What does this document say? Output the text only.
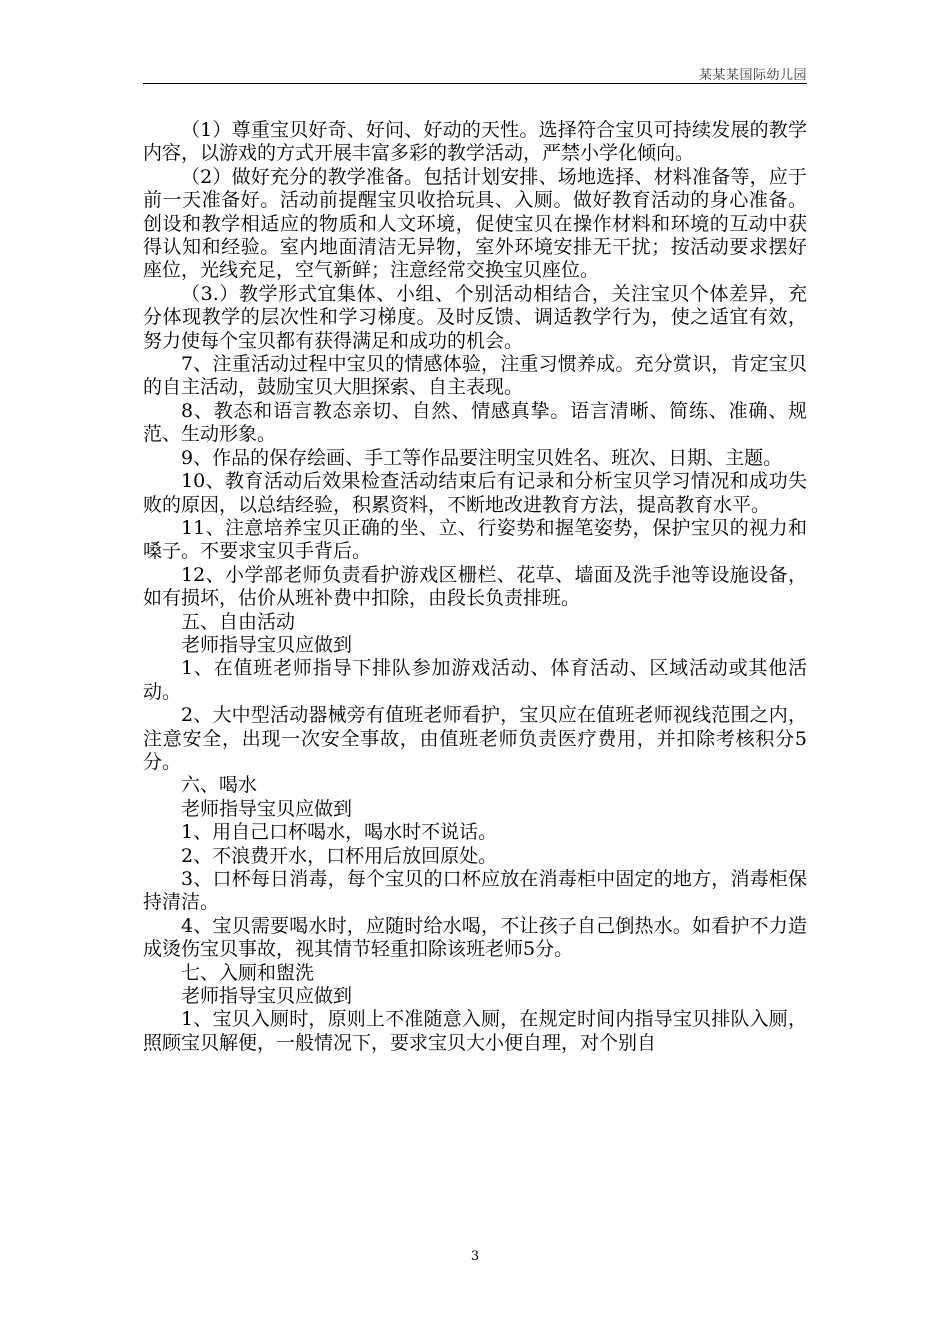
某某某国际幼儿园

（1）尊重宝贝好奇、好问、好动的天性。选择符合宝贝可持续发展的教学内容，以游戏的方式开展丰富多彩的教学活动，严禁小学化倾向。

（2）做好充分的教学准备。包括计划安排、场地选择、材料准备等，应于前一天准备好。活动前提醒宝贝收拾玩具、入厕。做好教育活动的身心准备。创设和教学相适应的物质和人文环境，促使宝贝在操作材料和环境的互动中获得认知和经验。室内地面清洁无异物，室外环境安排无干扰；按活动要求摆好座位，光线充足，空气新鲜；注意经常交换宝贝座位。

（3.）教学形式宜集体、小组、个别活动相结合，关注宝贝个体差异，充分体现教学的层次性和学习梯度。及时反馈、调适教学行为，使之适宜有效，努力使每个宝贝都有获得满足和成功的机会。

7、注重活动过程中宝贝的情感体验，注重习惯养成。充分赏识，肯定宝贝的自主活动，鼓励宝贝大胆探索、自主表现。

8、教态和语言教态亲切、自然、情感真挚。语言清晰、简练、准确、规范、生动形象。

9、作品的保存绘画、手工等作品要注明宝贝姓名、班次、日期、主题。

10、教育活动后效果检查活动结束后有记录和分析宝贝学习情况和成功失败的原因，以总结经验，积累资料，不断地改进教育方法，提高教育水平。

11、注意培养宝贝正确的坐、立、行姿势和握笔姿势，保护宝贝的视力和嗓子。不要求宝贝手背后。

12、小学部老师负责看护游戏区栅栏、花草、墙面及洗手池等设施设备，如有损坏，估价从班补费中扣除，由段长负责排班。

五、自由活动

老师指导宝贝应做到

1、在值班老师指导下排队参加游戏活动、体育活动、区域活动或其他活动。

2、大中型活动器械旁有值班老师看护，宝贝应在值班老师视线范围之内，注意安全，出现一次安全事故，由值班老师负责医疗费用，并扣除考核积分5分。

六、喝水

老师指导宝贝应做到

1、用自己口杯喝水，喝水时不说话。

2、不浪费开水，口杯用后放回原处。

3、口杯每日消毒，每个宝贝的口杯应放在消毒柜中固定的地方，消毒柜保持清洁。

4、宝贝需要喝水时，应随时给水喝，不让孩子自己倒热水。如看护不力造成烫伤宝贝事故，视其情节轻重扣除该班老师5分。

七、入厕和盥洗

老师指导宝贝应做到

1、宝贝入厕时，原则上不准随意入厕，在规定时间内指导宝贝排队入厕，照顾宝贝解便，一般情况下，要求宝贝大小便自理，对个别自

3
